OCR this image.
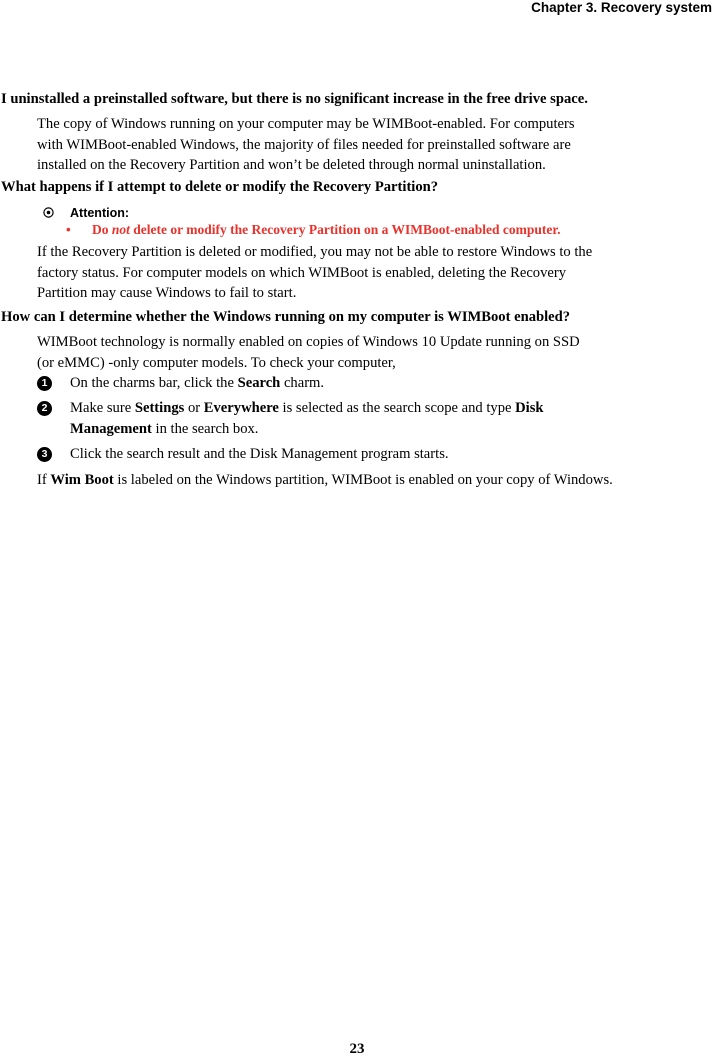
Chapter 3. Recovery system
I uninstalled a preinstalled software, but there is no significant increase in the free drive space.
The copy of Windows running on your computer may be WIMBoot-enabled. For computers
with WIMBoot-enabled Windows, the majority of files needed for preinstalled software are
installed on the Recovery Partition and won’t be deleted through normal uninstallation.
What happens if I attempt to delete or modify the Recovery Partition?
Attention:
• Do not delete or modify the Recovery Partition on a WIMBoot-enabled computer.
If the Recovery Partition is deleted or modified, you may not be able to restore Windows to the
factory status. For computer models on which WIMBoot is enabled, deleting the Recovery
Partition may cause Windows to fail to start.
How can I determine whether the Windows running on my computer is WIMBoot enabled?
WIMBoot technology is normally enabled on copies of Windows 10 Update running on SSD
(or eMMC) -only computer models. To check your computer,
1	On the charms bar, click the Search charm.
2	Make sure Settings or Everywhere is selected as the search scope and type Disk
Management in the search box.
3	Click the search result and the Disk Management program starts.
If Wim Boot is labeled on the Windows partition, WIMBoot is enabled on your copy of Windows.
23
